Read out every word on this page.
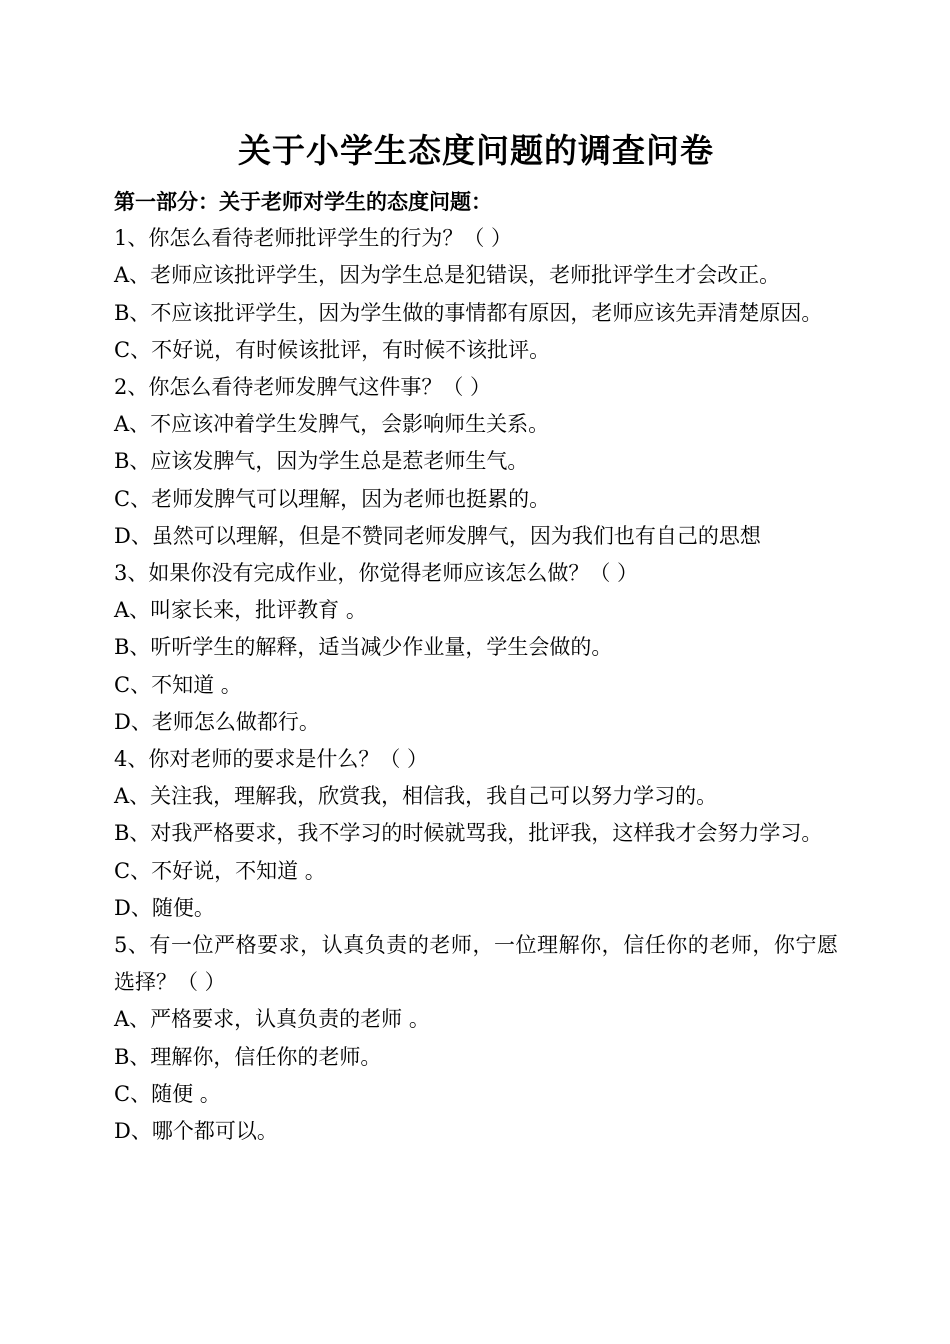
关于小学生态度问题的调查问卷
第一部分：关于老师对学生的态度问题：
1、你怎么看待老师批评学生的行为？（ ）
A、老师应该批评学生，因为学生总是犯错误，老师批评学生才会改正。
B、不应该批评学生，因为学生做的事情都有原因，老师应该先弄清楚原因。
C、不好说，有时候该批评，有时候不该批评。
2、你怎么看待老师发脾气这件事？（ ）
A、不应该冲着学生发脾气，会影响师生关系。
B、应该发脾气，因为学生总是惹老师生气。
C、老师发脾气可以理解，因为老师也挺累的。
D、虽然可以理解，但是不赞同老师发脾气，因为我们也有自己的思想
3、如果你没有完成作业，你觉得老师应该怎么做？（ ）
A、叫家长来，批评教育 。
B、听听学生的解释，适当减少作业量，学生会做的。
C、不知道 。
D、老师怎么做都行。
4、你对老师的要求是什么？（ ）
A、关注我，理解我，欣赏我，相信我，我自己可以努力学习的。
B、对我严格要求，我不学习的时候就骂我，批评我，这样我才会努力学习。
C、不好说，不知道 。
D、随便。
5、有一位严格要求，认真负责的老师，一位理解你，信任你的老师，你宁愿选择？（ ）
A、严格要求，认真负责的老师 。
B、理解你，信任你的老师。
C、随便 。
D、哪个都可以。
